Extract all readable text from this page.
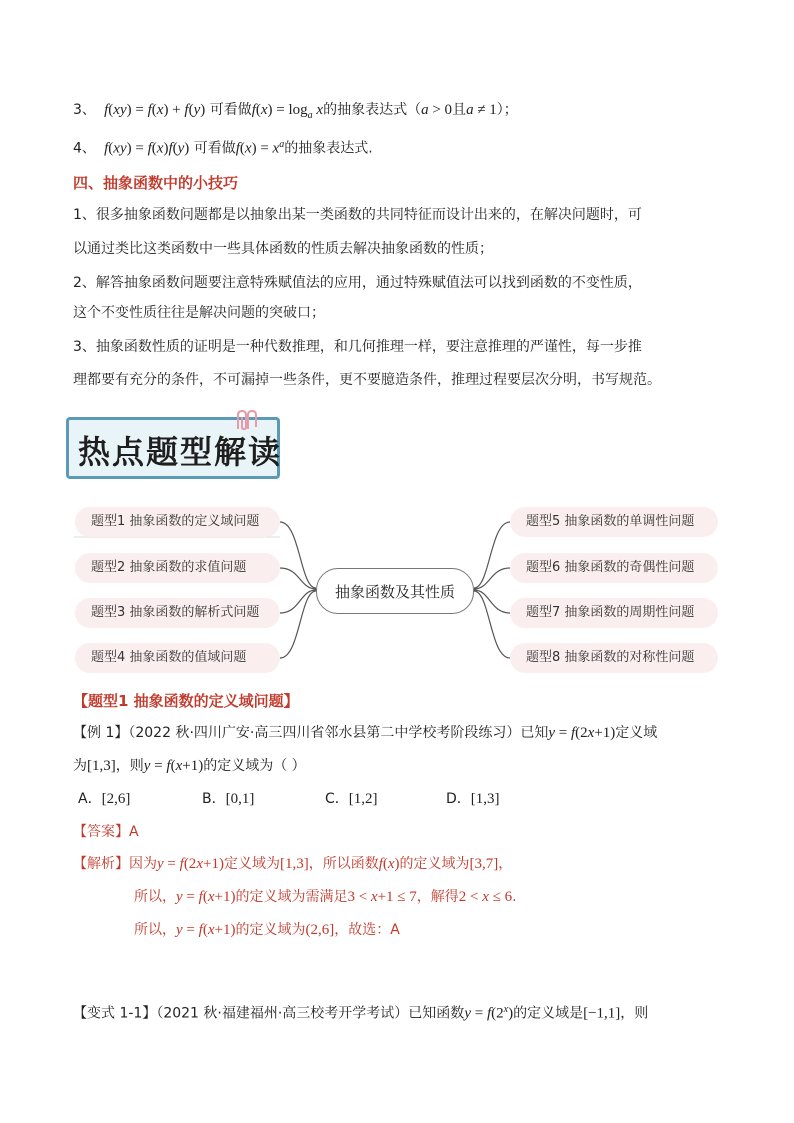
3、  f(xy) = f(x) + f(y) 可看做$f(x) = \log_a x$的抽象表达式（a > 0且a ≠ 1）；
4、  f(xy) = f(x)f(y) 可看做$f(x) = x^a$的抽象表达式.
四、抽象函数中的小技巧
1、很多抽象函数问题都是以抽象出某一类函数的共同特征而设计出来的，在解决问题时，可
以通过类比这类函数中一些具体函数的性质去解决抽象函数的性质；
2、解答抽象函数问题要注意特殊赋值法的应用，通过特殊赋值法可以找到函数的不变性质，
这个不变性质往往是解决问题的突破口；
3、抽象函数性质的证明是一种代数推理，和几何推理一样，要注意推理的严谨性，每一步推
理都要有充分的条件，不可漏掉一些条件，更不要臆造条件，推理过程要层次分明，书写规范。
热点题型解读
题型1 抽象函数的定义域问题
题型2 抽象函数的求值问题
题型3 抽象函数的解析式问题
题型4 抽象函数的值域问题
抽象函数及其性质
题型5 抽象函数的单调性问题
题型6 抽象函数的奇偶性问题
题型7 抽象函数的周期性问题
题型8 抽象函数的对称性问题
【题型1 抽象函数的定义域问题】
【例 1】（2022 秋·四川广安·高三四川省邻水县第二中学校考阶段练习）已知y = f(2x+1)定义域
为[1,3]，则y = f(x+1)的定义域为（ ）
A．[2,6]	B．[0,1]	C．[1,2]	D．[1,3]
【答案】A
【解析】因为y = f(2x+1)定义域为[1,3]，所以函数f(x)的定义域为[3,7]，
所以，y = f(x+1)的定义域为需满足3 < x+1 ≤ 7，解得2 < x ≤ 6.
所以，y = f(x+1)的定义域为(2,6]，故选：A
【变式 1-1】（2021 秋·福建福州·高三校考开学考试）已知函数$y = f(2^x)$的定义域是[−1,1]，则
